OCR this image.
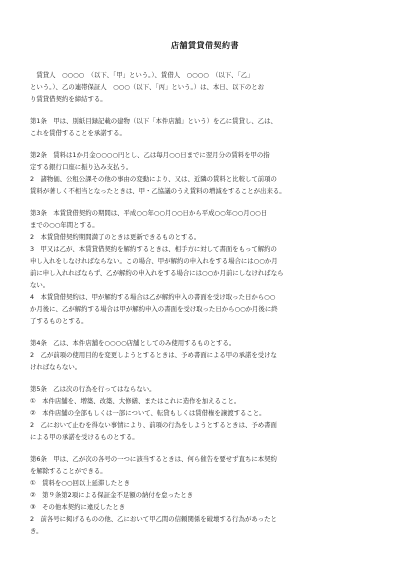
店舗賃貸借契約書
　賃貸人　○○○○　（以下、「甲」という。）、賃借人　○○○○　（以下、「乙」
という。）、乙の連帯保証人　○○○（以下、「丙」という。）は、本日、以下のとお
り賃貸借契約を締結する。
第1条　甲は、別紙目録記載の建物（以下「本件店舗」という）を乙に賃貸し、乙は、
これを賃借することを承諾する。
第2条　賃料は1か月金○○○○円とし、乙は毎月○○日までに翌月分の賃料を甲の指
定する銀行口座に振り込み支払う。
2　諸物価、公租公課その他の事由の変動により、又は、近隣の賃料と比較して前項の
賃料が著しく不相当となったときは、甲・乙協議のうえ賃料の増減をすることが出来る。
第3条　本賃貸借契約の期間は、平成○○年○○月○○日から平成○○年○○月○○日
までの○○年間とする。
2　本賃貸借契約期間満了のときは更新できるものとする。
3　甲又は乙が、本賃貸借契約を解約するときは、相手方に対して書面をもって解約の
申し入れをしなければならない。この場合、甲が解約の申入れをする場合には○○か月
前に申し入れればならず、乙が解約の申入れをする場合には○○か月前にしなければなら
ない。
4　本賃貸借契約は、甲が解約する場合は乙が解約申入の書面を受け取った日から○○
か月後に、乙が解約する場合は甲が解約申入の書面を受け取った日から○○か月後に終
了するものとする。
第4条　乙は、本件店舗を○○○○店舗としてのみ使用するものとする。
2　乙が前項の使用目的を変更しようとするときは、予め書面による甲の承諾を受けな
ければならない。
第5条　乙は次の行為を行ってはならない。
①　本件店舗を、増築、改築、大修繕、またはこれに造作を加えること。
②　本件店舗の全部もしくは一部について、転貸もしくは賃借権を譲渡すること。
2　乙において止むを得ない事情により、前項の行為をしようとするときは、予め書面
による甲の承諾を受けるものとする。
第6条　甲は、乙が次の各号の一つに該当するときは、何ら催告を要せず直ちに本契約
を解除することができる。
①　賃料を○○回以上延滞したとき
②　第９条第2項による保証金不足額の納付を怠ったとき
③　その他本契約に違反したとき
2　前各号に掲げるものの他、乙において甲乙間の信頼関係を破壊する行為があったと
き。
